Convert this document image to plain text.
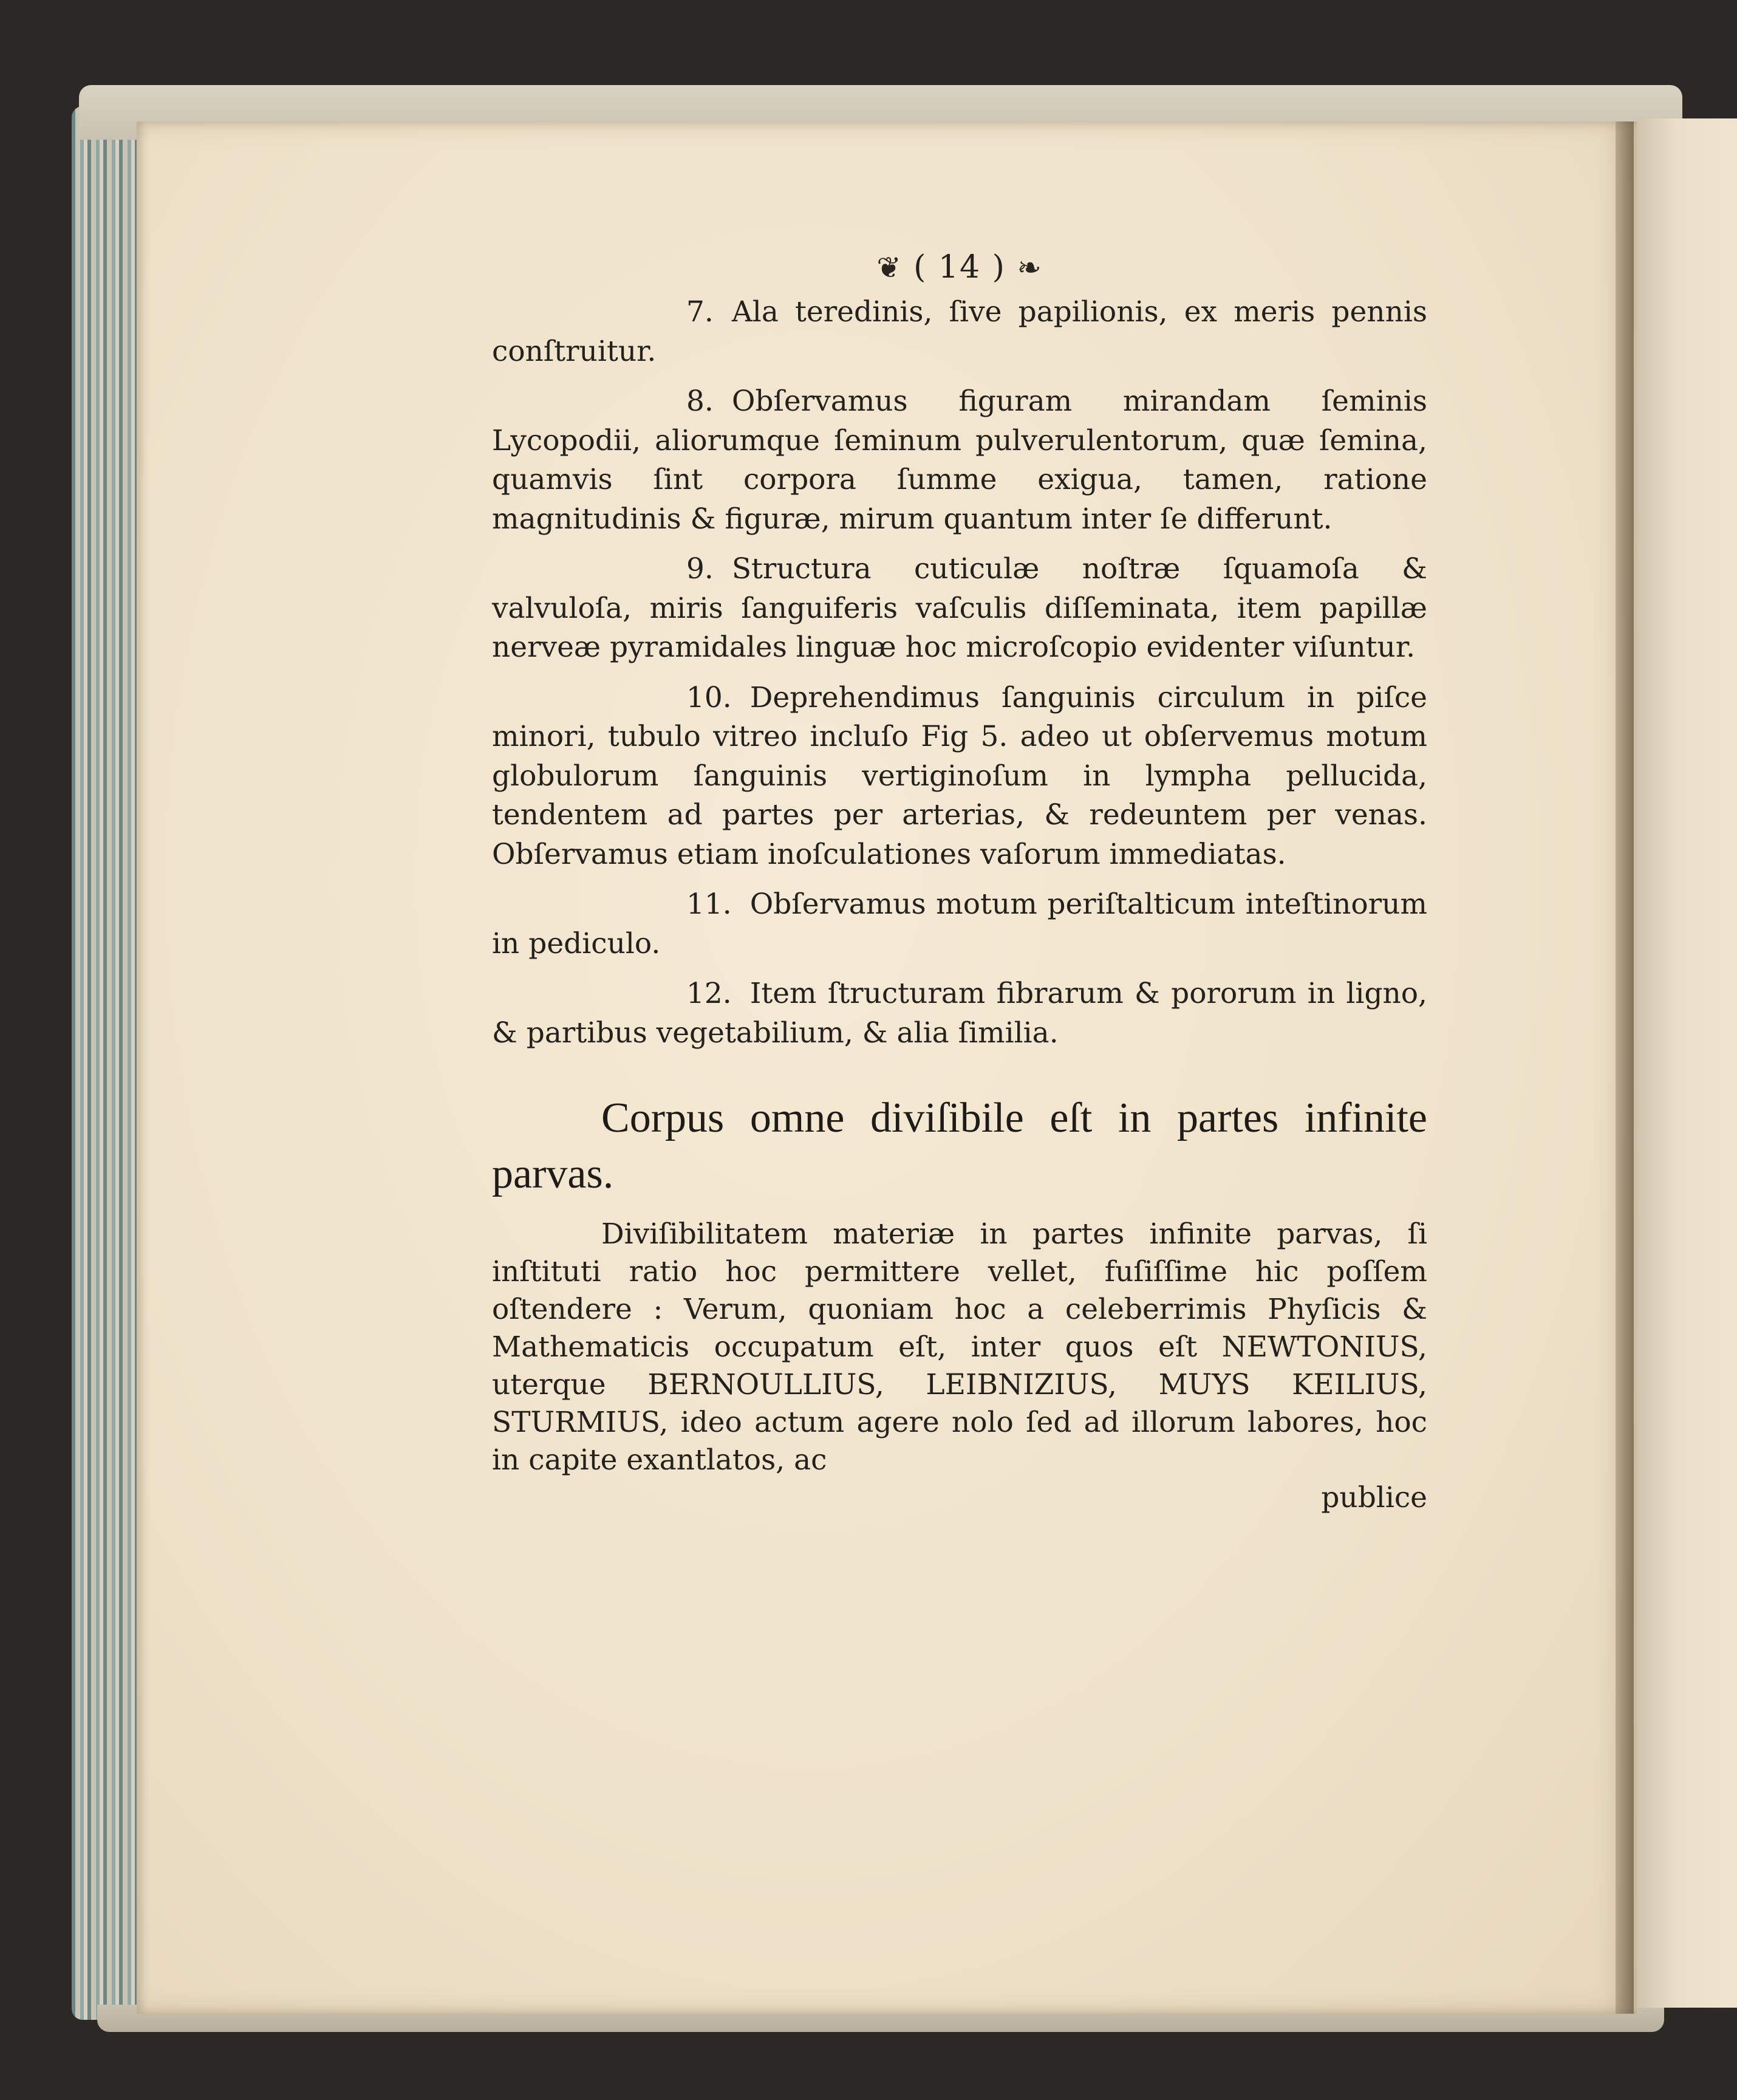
❦ ( 14 ) ❧

7. Ala teredinis, ſive papilionis, ex meris pennis conſtruitur.

8. Obſervamus figuram mirandam ſeminis Lycopodii, aliorumque ſeminum pulverulentorum, quæ ſemina, quamvis ſint corpora ſumme exigua, tamen, ratione magnitudinis & figuræ, mirum quantum inter ſe differunt.

9. Structura cuticulæ noſtræ ſquamoſa & valvuloſa, miris ſanguiferis vaſculis diſſeminata, item papillæ nerveæ pyramidales linguæ hoc microſcopio evidenter viſuntur.

10. Deprehendimus ſanguinis circulum in piſce minori, tubulo vitreo incluſo Fig 5. adeo ut obſervemus motum globulorum ſanguinis vertiginoſum in lympha pellucida, tendentem ad partes per arterias, & redeuntem per venas. Obſervamus etiam inoſculationes vaſorum immediatas.

11. Obſervamus motum periſtalticum inteſtinorum in pediculo.

12. Item ſtructuram fibrarum & pororum in ligno, & partibus vegetabilium, & alia ſimilia.

Corpus omne diviſibile eſt in partes infinite parvas.

Diviſibilitatem materiæ in partes infinite parvas, ſi inſtituti ratio hoc permittere vellet, fuſiſſime hic poſſem oſtendere : Verum, quoniam hoc a celeberrimis Phyſicis & Mathematicis occupatum eſt, inter quos eſt NEWTONIUS, uterque BERNOULLIUS, LEIBNIZIUS, MUYS KEILIUS, STURMIUS, ideo actum agere nolo ſed ad illorum labores, hoc in capite exantlatos, ac

publice
